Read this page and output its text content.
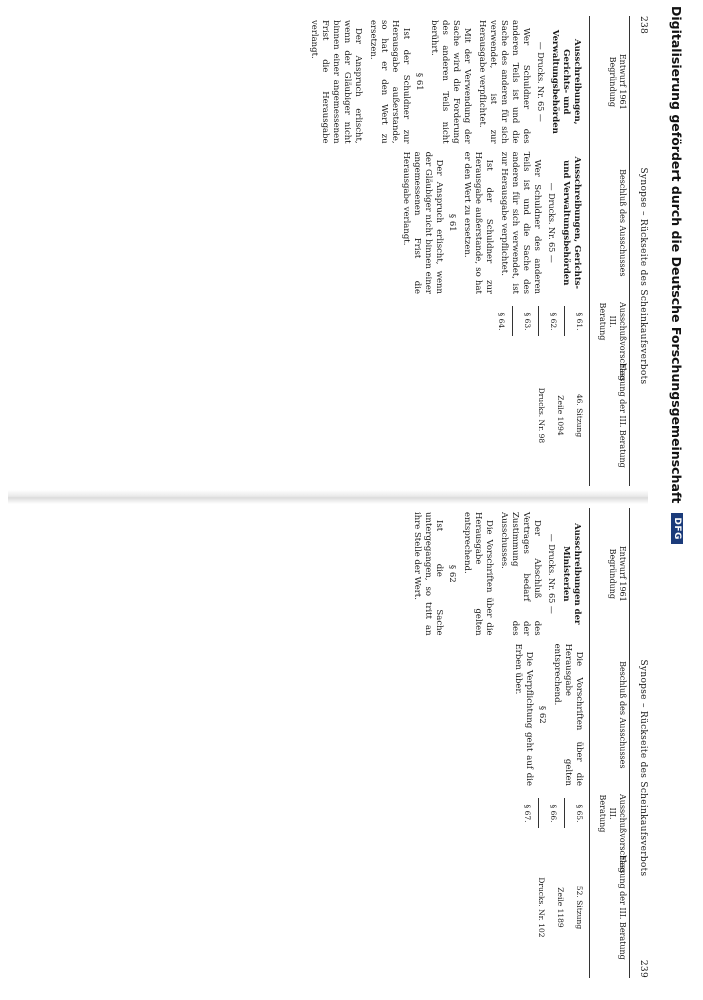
238
Synopse – Rückseite des Scheinkaufsverbots
Entwurf 1961
Begründung
Beschluß des Ausschusses
Ausschußvorschlag III. Beratung
Fassung der III. Beratung
Ausschreibungen, Gerichts- und Verwaltungsbehörden
— Drucks. Nr. 65 —

Wer Schuldner des anderen Teils ist und die Sache des anderen für sich verwendet, ist zur Herausgabe verpflichtet.

Mit der Verwendung der Sache wird die Forderung des anderen Teils nicht berührt.

§ 61

Ist der Schuldner zur Herausgabe außerstande, so hat er den Wert zu ersetzen.

Der Anspruch erlischt, wenn der Gläubiger nicht binnen einer angemessenen Frist die Herausgabe verlangt.

Ausschreibungen, Gerichts- und Verwaltungsbehörden
— Drucks. Nr. 65 —

Wer Schuldner des anderen Teils ist und die Sache des anderen für sich verwendet, ist zur Herausgabe verpflichtet.

Ist der Schuldner zur Herausgabe außerstande, so hat er den Wert zu ersetzen.

§ 61

Der Anspruch erlischt, wenn der Gläubiger nicht binnen einer angemessenen Frist die Herausgabe verlangt.

§ 61.
§ 62.
§ 63.
§ 64.
46. Sitzung
Zeile 1094
Drucks. Nr. 98
Synopse – Rückseite des Scheinkaufsverbots
239
Entwurf 1961
Begründung
Beschluß des Ausschusses
Ausschußvorschlag III. Beratung
Fassung der III. Beratung
Ausschreibungen der Ministerien
— Drucks. Nr. 65 —

Der Abschluß des Vertrages bedarf der Zustimmung des Ausschusses.

Die Vorschriften über die Herausgabe gelten entsprechend.

§ 62

Ist die Sache untergegangen, so tritt an ihre Stelle der Wert.

Die Vorschriften über die Herausgabe gelten entsprechend.

§ 62

Die Verpflichtung geht auf die Erben über.

§ 65.
§ 66.
§ 67.
52. Sitzung
Zeile 1189
Drucks. Nr. 102
Digitalisierung gefördert durch die Deutsche Forschungsgemeinschaft
DFG
